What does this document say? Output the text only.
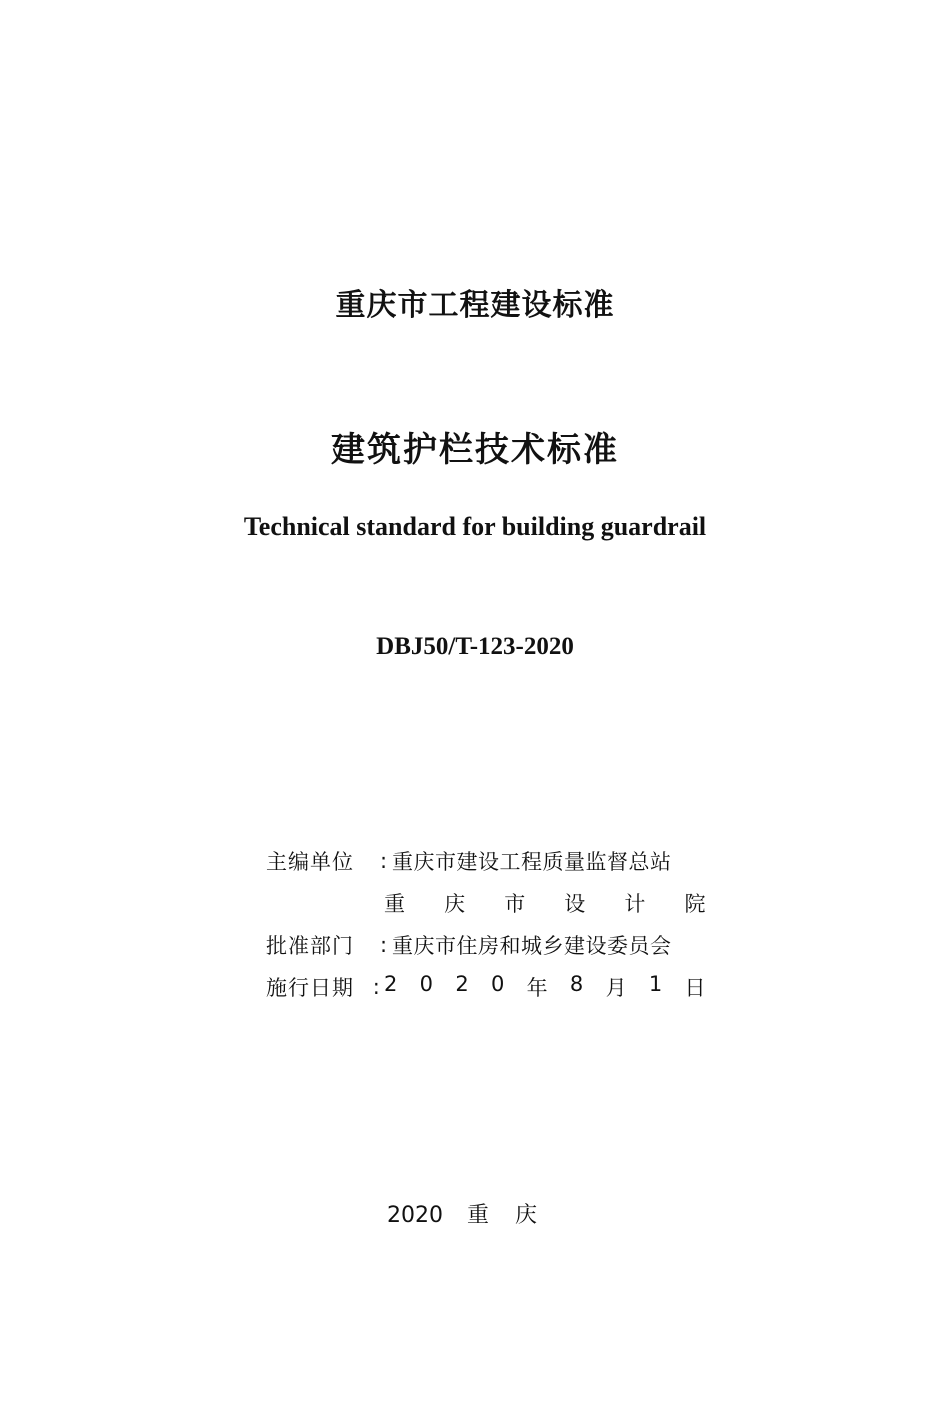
重庆市工程建设标准
建筑护栏技术标准
Technical standard for building guardrail
DBJ50/T-123-2020
主编单位	: 重庆市建设工程质量监督总站
重 庆 市 设 计 院
批准部门	: 重庆市住房和城乡建设委员会
施行日期 : 2 0 2 0 年 8 月 1 日
2020 重庆
